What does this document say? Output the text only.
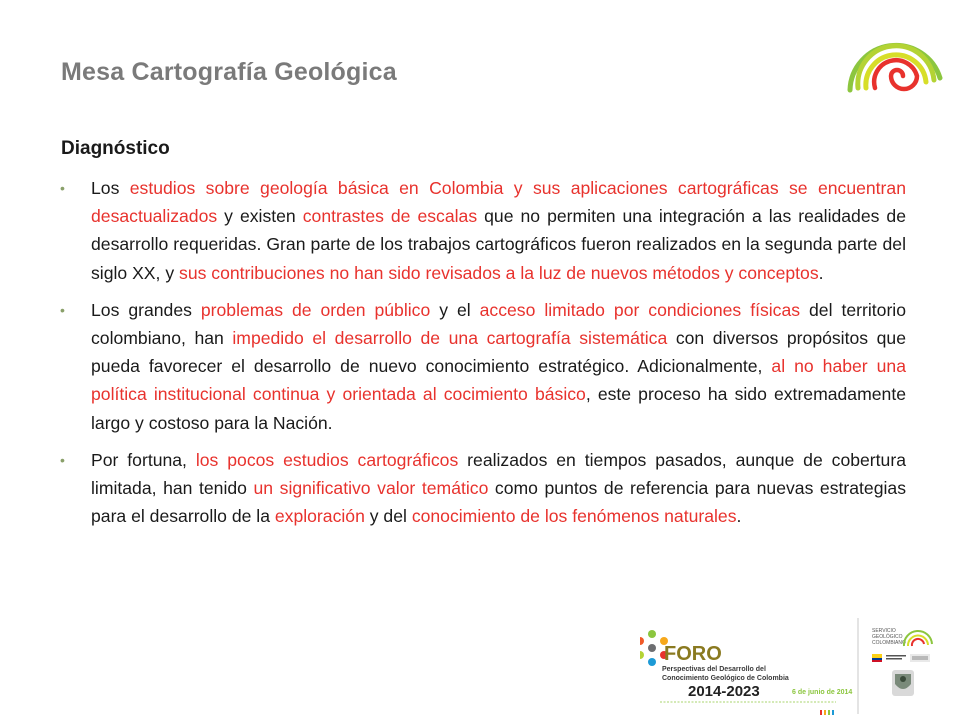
Mesa Cartografía Geológica
Diagnóstico
•	Los estudios sobre geología básica en Colombia y sus aplicaciones cartográficas se encuentran desactualizados y existen contrastes de escalas que no permiten una integración a las realidades de desarrollo requeridas. Gran parte de los trabajos cartográficos fueron realizados en la segunda parte del siglo XX, y sus contribuciones no han sido revisados a la luz de nuevos métodos y conceptos.
•	Los grandes problemas de orden público y el acceso limitado por condiciones físicas del territorio colombiano, han impedido el desarrollo de una cartografía sistemática con diversos propósitos que pueda favorecer el desarrollo de nuevo conocimiento estratégico. Adicionalmente, al no haber una política institucional continua y orientada al cocimiento básico, este proceso ha sido extremadamente largo y costoso para la Nación.
•	Por fortuna, los pocos estudios cartográficos realizados en tiempos pasados, aunque de cobertura limitada, han tenido un significativo valor temático como puntos de referencia para nuevas estrategias para el desarrollo de la exploración y del conocimiento de los fenómenos naturales.
FORO
Perspectivas del Desarrollo del
Conocimiento Geológico de Colombia
2014-2023	6 de junio de 2014
SERVICIO
GEOLÓGICO
COLOMBIANO
